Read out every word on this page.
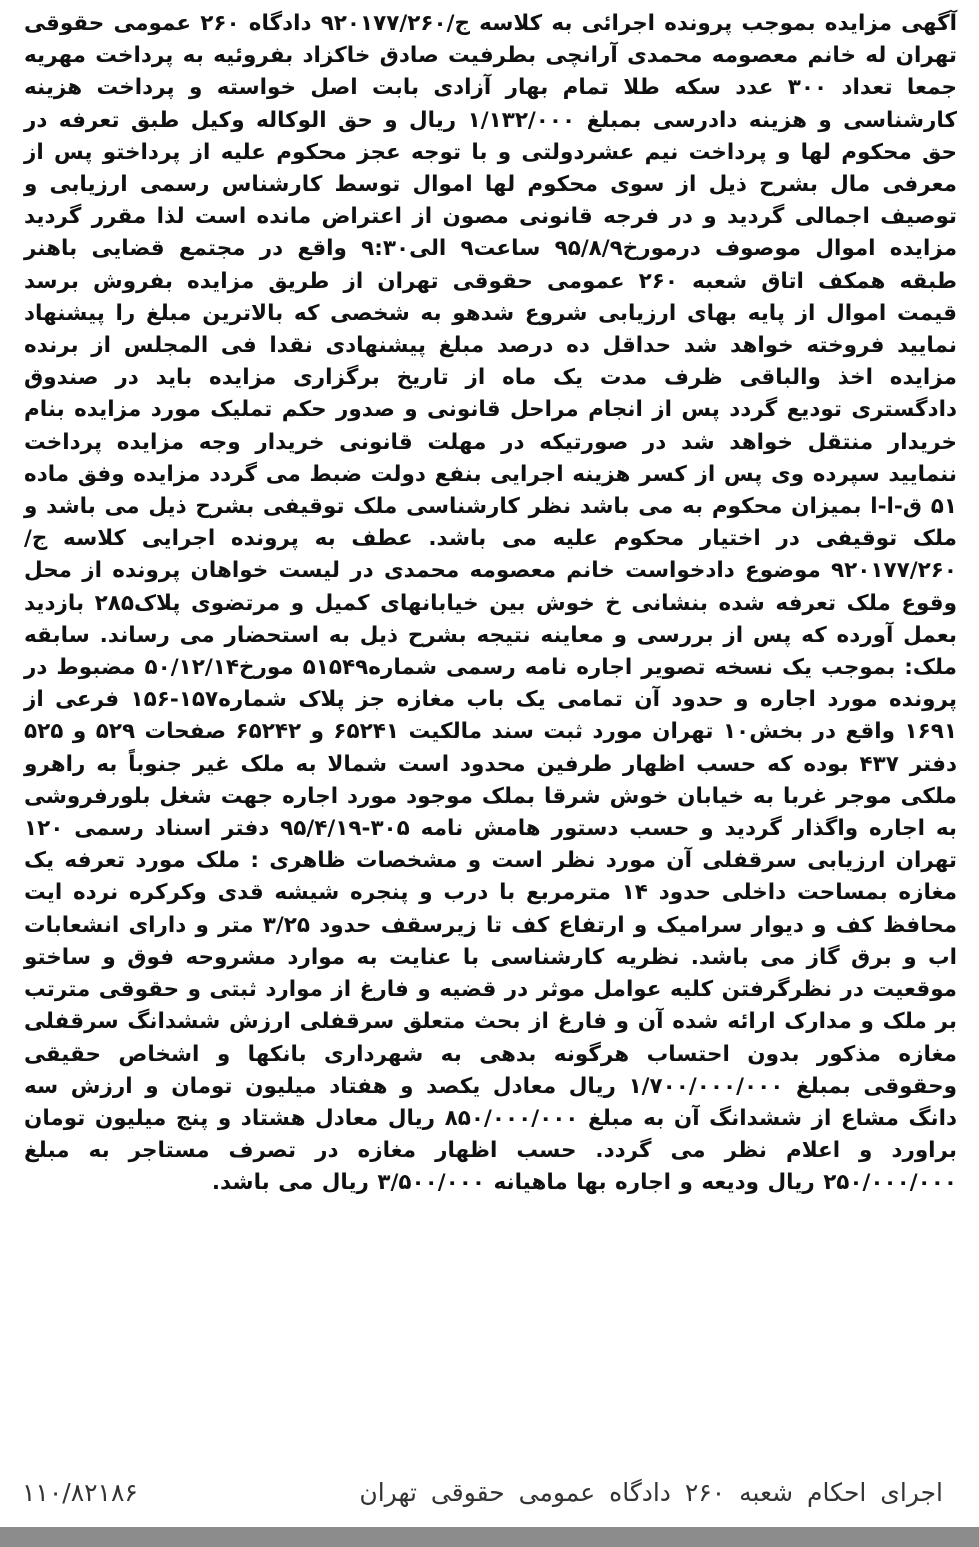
آگهی مزایده بموجب پرونده اجرائی به کلاسه ج/۹۲۰۱۷۷/۲۶۰ دادگاه ۲۶۰ عمومی حقوقی تهران له خانم معصومه محمدی آرانچی بطرفیت صادق خاکزاد بفروئیه به پرداخت مهریه جمعا تعداد ۳۰۰ عدد سکه طلا تمام بهار آزادی بابت اصل خواسته و پرداخت هزینه کارشناسی و هزینه دادرسی بمبلغ ۱/۱۳۲/۰۰۰ ریال و حق الوکاله وکیل طبق تعرفه در حق محکوم لها و پرداخت نیم عشردولتی و با توجه عجز محکوم علیه از پرداختو پس از معرفی مال بشرح ذیل از سوی محکوم لها اموال توسط کارشناس رسمی ارزیابی و توصیف اجمالی گردید و در فرجه قانونی مصون از اعتراض مانده است لذا مقرر گردید مزایده اموال موصوف درمورخ۹۵/۸/۹ ساعت۹ الی۹:۳۰ واقع در مجتمع قضایی باهنر طبقه همکف اتاق شعبه ۲۶۰ عمومی حقوقی تهران از طریق مزایده بفروش برسد قیمت اموال از پایه بهای ارزیابی شروع شدهو به شخصی که بالاترین مبلغ را پیشنهاد نمایید فروخته خواهد شد حداقل ده درصد مبلغ پیشنهادی نقدا فی المجلس از برنده مزایده اخذ والباقی ظرف مدت یک ماه از تاریخ برگزاری مزایده باید در صندوق دادگستری تودیع گردد پس از انجام مراحل قانونی و صدور حکم تملیک مورد مزایده بنام خریدار منتقل خواهد شد در صورتیکه در مهلت قانونی خریدار وجه مزایده پرداخت ننمایید سپرده وی پس از کسر هزینه اجرایی بنفع دولت ضبط می گردد مزایده وفق ماده ۵۱ ق-ا-ا بمیزان محکوم به می باشد نظر کارشناسی ملک توقیفی بشرح ذیل می باشد و ملک توقیفی در اختیار محکوم علیه می باشد. عطف به پرونده اجرایی کلاسه ج/۹۲۰۱۷۷/۲۶۰ موضوع دادخواست خانم معصومه محمدی در لیست خواهان پرونده از محل وقوع ملک تعرفه شده بنشانی خ خوش بین خیابانهای کمیل و مرتضوی پلاک۲۸۵ بازدید بعمل آورده که پس از بررسی و معاینه نتیجه بشرح ذیل به استحضار می رساند. سابقه ملک: بموجب یک نسخه تصویر اجاره نامه رسمی شماره۵۱۵۴۹ مورخ۵۰/۱۲/۱۴ مضبوط در پرونده مورد اجاره و حدود آن تمامی یک باب مغازه جز پلاک شماره۱۵۷-۱۵۶ فرعی از ۱۶۹۱ واقع در بخش۱۰ تهران مورد ثبت سند مالکیت ۶۵۲۴۱ و ۶۵۲۴۲ صفحات ۵۲۹ و ۵۲۵ دفتر ۴۳۷ بوده که حسب اظهار طرفین محدود است شمالا به ملک غیر جنوباً به راهرو ملکی موجر غربا به خیابان خوش شرقا بملک موجود مورد اجاره جهت شغل بلورفروشی به اجاره واگذار گردید و حسب دستور هامش نامه ۳۰۵-۹۵/۴/۱۹ دفتر اسناد رسمی ۱۲۰ تهران ارزیابی سرقفلی آن مورد نظر است و مشخصات ظاهری : ملک مورد تعرفه یک مغازه بمساحت داخلی حدود ۱۴ مترمربع با درب و پنجره شیشه قدی وکرکره نرده ایت محافظ کف و دیوار سرامیک و ارتفاع کف تا زیرسقف حدود ۳/۲۵ متر و دارای انشعابات اب و برق گاز می باشد. نظریه کارشناسی با عنایت به موارد مشروحه فوق و ساختو موقعیت در نظرگرفتن کلیه عوامل موثر در قضیه و فارغ از موارد ثبتی و حقوقی مترتب بر ملک و مدارک ارائه شده آن و فارغ از بحث متعلق سرقفلی ارزش ششدانگ سرقفلی مغازه مذکور بدون احتساب هرگونه بدهی به شهرداری بانکها و اشخاص حقیقی وحقوقی بمبلغ ۱/۷۰۰/۰۰۰/۰۰۰ ریال معادل یکصد و هفتاد میلیون تومان و ارزش سه دانگ مشاع از ششدانگ آن به مبلغ ۸۵۰/۰۰۰/۰۰۰ ریال معادل هشتاد و پنج میلیون تومان براورد و اعلام نظر می گردد. حسب اظهار مغازه در تصرف مستاجر به مبلغ ۲۵۰/۰۰۰/۰۰۰ ریال ودیعه و اجاره بها ماهیانه ۳/۵۰۰/۰۰۰ ریال می باشد.

اجرای احکام شعبه ۲۶۰ دادگاه عمومی حقوقی تهران
۱۱۰/۸۲۱۸۶
